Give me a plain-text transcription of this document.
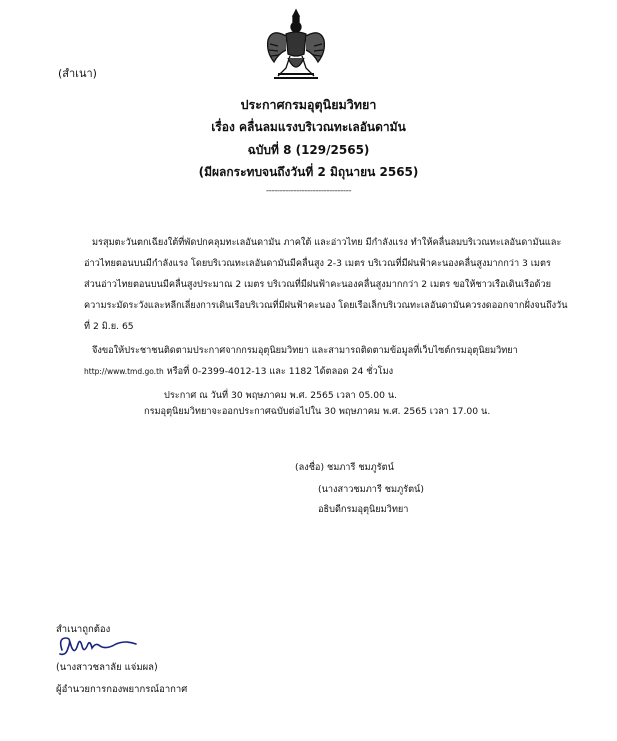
(สำเนา)
ประกาศกรมอุตุนิยมวิทยา
เรื่อง คลื่นลมแรงบริเวณทะเลอันดามัน
ฉบับที่ 8 (129/2565)
(มีผลกระทบจนถึงวันที่ 2 มิถุนายน 2565)
-------------------------------
มรสุมตะวันตกเฉียงใต้ที่พัดปกคลุมทะเลอันดามัน ภาคใต้ และอ่าวไทย มีกำลังแรง ทำให้คลื่นลมบริเวณทะเลอันดามันและอ่าวไทยตอนบนมีกำลังแรง โดยบริเวณทะเลอันดามันมีคลื่นสูง 2-3 เมตร บริเวณที่มีฝนฟ้าคะนองคลื่นสูงมากกว่า 3 เมตร ส่วนอ่าวไทยตอนบนมีคลื่นสูงประมาณ 2 เมตร บริเวณที่มีฝนฟ้าคะนองคลื่นสูงมากกว่า 2 เมตร ขอให้ชาวเรือเดินเรือด้วยความระมัดระวังและหลีกเลี่ยงการเดินเรือบริเวณที่มีฝนฟ้าคะนอง โดยเรือเล็กบริเวณทะเลอันดามันควรงดออกจากฝั่งจนถึงวันที่ 2 มิ.ย. 65
จึงขอให้ประชาชนติดตามประกาศจากกรมอุตุนิยมวิทยา และสามารถติดตามข้อมูลที่เว็บไซต์กรมอุตุนิยมวิทยา http://www.tmd.go.th หรือที่ 0-2399-4012-13 และ 1182 ได้ตลอด 24 ชั่วโมง
ประกาศ ณ วันที่ 30 พฤษภาคม พ.ศ. 2565 เวลา 05.00 น.
กรมอุตุนิยมวิทยาจะออกประกาศฉบับต่อไปใน 30 พฤษภาคม พ.ศ. 2565 เวลา 17.00 น.
(ลงชื่อ) ชมภารี ชมภูรัตน์
(นางสาวชมภารี ชมภูรัตน์)
อธิบดีกรมอุตุนิยมวิทยา
สำเนาถูกต้อง
(นางสาวชลาลัย แจ่มผล)
ผู้อำนวยการกองพยากรณ์อากาศ
